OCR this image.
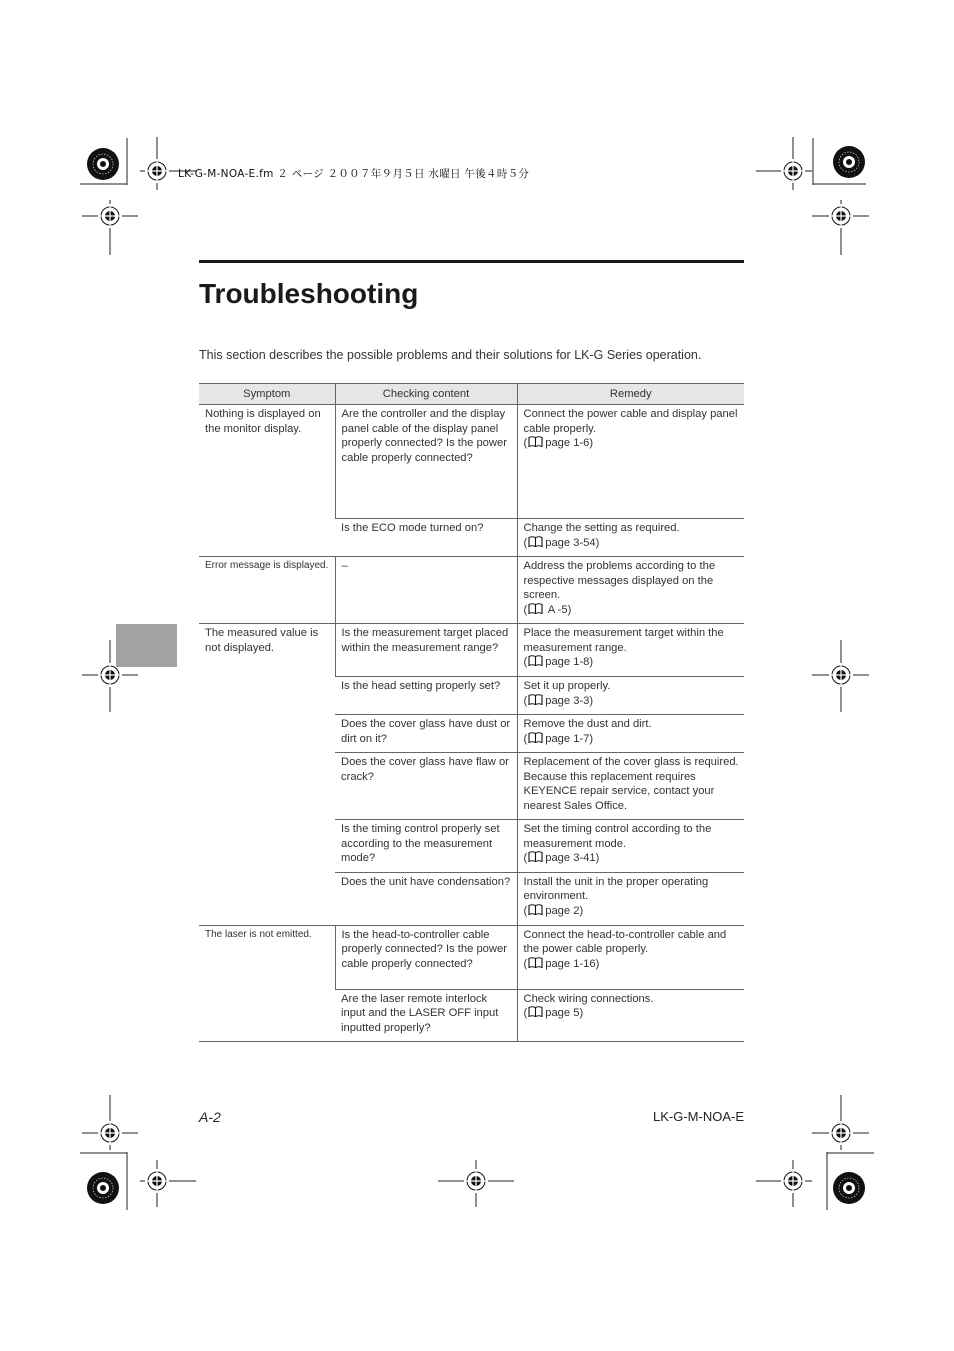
LK-G-M-NOA-E.fm ２ ページ ２００７年９月５日 水曜日 午後４時５分
Troubleshooting
This section describes the possible problems and their solutions for LK-G Series operation.
Symptom	Checking content	Remedy
Nothing is displayed on the monitor display.	Are the controller and the display panel cable of the display panel properly connected? Is the power cable properly connected?	Connect the power cable and display panel cable properly.
( page 1-6)

	Is the ECO mode turned on?	Change the setting as required.
( page 3-54)

Error message is displayed.	–	Address the problems according to the respective messages displayed on the screen.
( A -5)

The measured value is not displayed.	Is the measurement target placed within the measurement range?	Place the measurement target within the measurement range.
( page 1-8)

	Is the head setting properly set?	Set it up properly.
( page 3-3)

	Does the cover glass have dust or dirt on it?	Remove the dust and dirt.
( page 1-7)

	Does the cover glass have flaw or crack?	Replacement of the cover glass is required. Because this replacement requires KEYENCE repair service, contact your nearest Sales Office.
	Is the timing control properly set according to the measurement mode?	Set the timing control according to the measurement mode.
( page 3-41)

	Does the unit have condensation?	Install the unit in the proper operating environment.
( page 2)

The laser is not emitted.	Is the head-to-controller cable properly connected? Is the power cable properly connected?	Connect the head-to-controller cable and the power cable properly.
( page 1-16)

	Are the laser remote interlock input and the LASER OFF input inputted properly?	Check wiring connections.
( page 5)
A-2	LK-G-M-NOA-E
